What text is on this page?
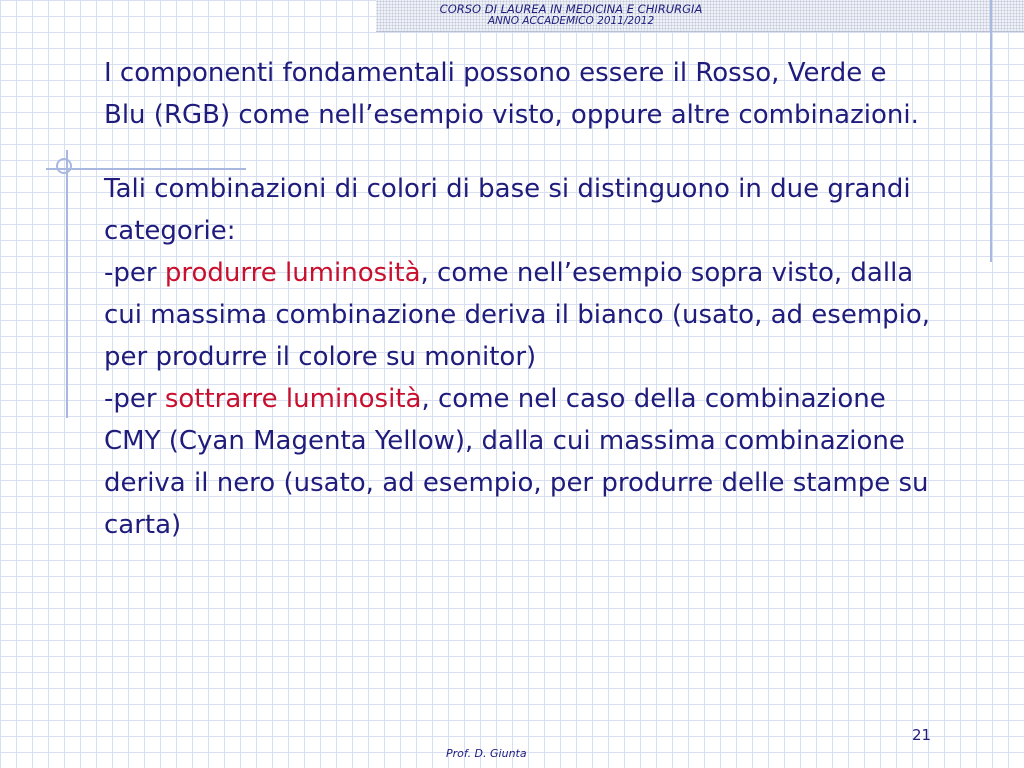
CORSO DI LAUREA IN MEDICINA E CHIRURGIA
ANNO ACCADEMICO 2011/2012

I componenti fondamentali possono essere il Rosso, Verde e Blu (RGB) come nell’esempio visto, oppure altre combinazioni.

Tali combinazioni di colori di base si distinguono in due grandi categorie:

-per produrre luminosità, come nell’esempio sopra visto, dalla cui massima combinazione deriva il bianco (usato, ad esempio, per produrre il colore su monitor)

-per sottrarre luminosità, come nel caso della combinazione CMY (Cyan Magenta Yellow), dalla cui massima combinazione deriva il nero (usato, ad esempio, per produrre delle stampe su carta)

21
Prof. D. Giunta
